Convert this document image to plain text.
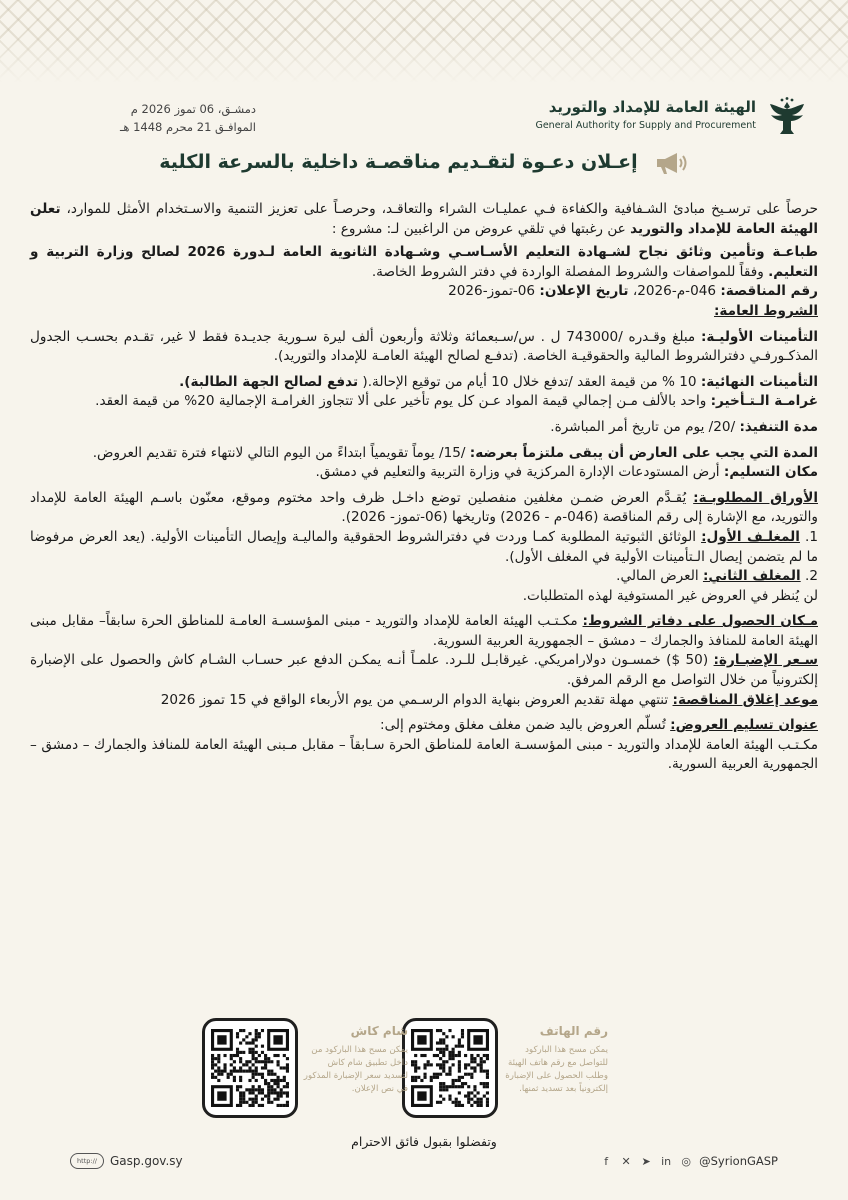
الهيئة العامة للإمداد والتوريد
General Authority for Supply and Procurement
دمشـق، 06 تموز 2026 م
الموافـق 21 محرم 1448 هـ
إعـلان دعـوة لتقـديم مناقصـة داخلية بالسرعة الكلية

حرصاً على ترسـيخ مبادئ الشـفافية والكفاءة فـي عمليـات الشراء والتعاقـد، وحرصـاً على تعزيز التنمية والاسـتخدام الأمثل للموارد، تعلن الهيئة العامة للإمداد والتوريد عن رغبتها في تلقي عروض من الراغبين لـ: مشروع :

طباعـة وتأمين وثائق نجاح لشـهادة التعليم الأسـاسـي وشـهادة الثانوية العامة لـدورة 2026 لصالح وزارة التربية و التعليم. وفقاً للمواصفات والشروط المفصلة الواردة في دفتر الشروط الخاصة.

رقم المناقصة: 046-م-2026، تاريخ الإعلان: 06-تموز-2026

الشروط العامة:

التأمينات الأوليـة: مبلغ وقـدره /743000 ل . س/سـبعمائة وثلاثة وأربعون ألف ليرة سـورية جديـدة فقط لا غير، تقـدم بحسـب الجدول المذكـورفـي دفترالشروط المالية والحقوقيـة الخاصة. (تدفـع لصالح الهيئة العامـة للإمداد والتوريد).

التأمينات النهائية: 10 % من قيمة العقد /تدفع خلال 10 أيام من توقيع الإحالة.( تدفع لصالح الجهة الطالبة).

غرامـة الـتـأخير: واحد بالألف مـن إجمالي قيمة المواد عـن كل يوم تأخير على ألا تتجاوز الغرامـة الإجمالية 20% من قيمة العقد.

مدة التنفيذ: /20/ يوم من تاريخ أمر المباشرة.

المدة التي يجب على العارض أن يبقى ملتزماً بعرضه: /15/ يوماً تقويمياً ابتداءً من اليوم التالي لانتهاء فترة تقديم العروض.

مكان التسليم: أرض المستودعات الإدارة المركزية في وزارة التربية والتعليم في دمشق.

الأوراق المطلوبـة: يُقـدَّم العرض ضمـن مغلفين منفصلين توضع داخـل ظرف واحد مختوم وموقع، معنّون باسـم الهيئة العامة للإمداد والتوريد، مع الإشارة إلى رقم المناقصة (046-م - 2026) وتاريخها (06-تموز- 2026).

1. المغلـف الأول: الوثائق الثبوتية المطلوبة كمـا وردت في دفترالشروط الحقوقية والماليـة وإيصال التأمينات الأولية. (يعد العرض مرفوضا ما لم يتضمن إيصال الـتأمينات الأولية في المغلف الأول).

2. المغلف الثاني: العرض المالي.

لن يُنظر في العروض غير المستوفية لهذه المتطلبات.

مـكان الحصول على دفاتر الشروط: مكـتـب الهيئة العامة للإمداد والتوريد - مبنى المؤسسـة العامـة للمناطق الحرة سابقاً– مقابل مبنى الهيئة العامة للمنافذ والجمارك – دمشق – الجمهورية العربية السورية.

سـعر الإضبـارة: (50 $) خمسـون دولارامريكي. غيرقابـل للـرد. علمـاً أنـه يمكـن الدفع عبر حسـاب الشـام كاش والحصول على الإضبارة إلكترونياً من خلال التواصل مع الرقم المرفق.

موعد إغلاق المناقصة: تنتهي مهلة تقديم العروض بنهاية الدوام الرسـمي من يوم الأربعاء الواقع في 15 تموز 2026

عنوان تسليم العروض: تُسلّم العروض باليد ضمن مغلف مغلق ومختوم إلى:

مكـتـب الهيئة العامة للإمداد والتوريد - مبنى المؤسسـة العامة للمناطق الحرة سـابقاً – مقابل مـبنى الهيئة العامة للمنافذ والجمارك – دمشق – الجمهورية العربية السورية.

رقم الهاتف
يمكن مسح هذا الباركود للتواصل مع رقم هاتف الهيئة وطلب الحصول على الإضبارة إلكترونياً بعد تسديد ثمنها.
شام كاش
يمكن مسح هذا الباركود من داخل تطبيق شام كاش لتسديد سعر الإضبارة المذكور في نص الإعلان.
وتفضلوا بقبول فائق الاحترام
http://	Gasp.gov.sy	f	✕ ➤ in ◎ @SyrionGASP
